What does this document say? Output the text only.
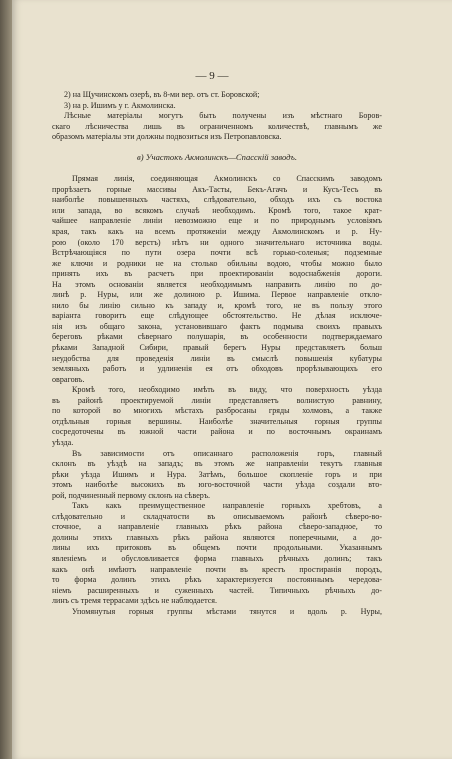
— 9 —
2) на Щучинскомъ озерѣ, въ 8-ми вер. отъ ст. Боровской;
3) на р. Ишимъ у г. Акмолинска.
Лѣсные матеріалы могутъ быть получены изъ мѣстнаго Боров-
скаго лѣсничества лишь въ ограниченномъ количествѣ, главнымъ же
образомъ матеріалы эти должны подвозиться изъ Петропавловска.
в) Участокъ Акмолинскъ—Спасскій заводъ.
Прямая линія, соединяющая Акмолинскъ со Спасскимъ заводомъ
прорѣзаетъ горные массивы Акъ-Тасты, Бекъ-Агачъ и Кусъ-Тесъ въ
наиболѣе повышенныхъ частяхъ, слѣдовательно, обходъ ихъ съ востока
или запада, во всякомъ случаѣ необходимъ. Кромѣ того, такое крат-
чайшее направленіе линіи невозможно еще и по природнымъ условіямъ
края, такъ какъ на всемъ протяженіи между Акмолинскомъ и р. Ну-
рою (около 170 верстъ) нѣтъ ни одного значительнаго источника воды.
Встрѣчающіяся по пути озера почти всѣ горько-соленыя; подземные
же ключи и родники не на столько обильны водою, чтобы можно было
принять ихъ въ расчетъ при проектированіи водоснабженія дороги.
На этомъ основаніи является необходимымъ направить линію по до-
линѣ р. Нуры, или же долиною р. Ишима. Первое направленіе откло-
нило бы линію сильно къ западу и, кромѣ того, не въ пользу этого
варіанта говоритъ еще слѣдующее обстоятельство. Не дѣлая исключе-
нія изъ общаго закона, установившаго фактъ подмыва своихъ правыхъ
береговъ рѣками сѣвернаго полушарія, въ особенности подтверждаемаго
рѣками Западной Сибири, правый берегъ Нуры представляетъ больш
неудобства для проведенія линіи въ смыслѣ повышенія кубатуры
земляныхъ работъ и удлиненія ея отъ обходовъ прорѣзывающихъ его
овраговъ.
Кромѣ того, необходимо имѣть въ виду, что поверхность уѣзда
въ районѣ проектируемой линіи представляетъ волнистую равнину,
по которой во многихъ мѣстахъ разбросаны гряды холмовъ, а также
отдѣльныя горныя вершины. Наиболѣе значительныя горныя группы
сосредоточены въ южной части района и по восточнымъ окраинамъ
уѣзда.
Въ зависимости отъ описаннаго расположенія горъ, главный
склонъ въ уѣздѣ на западъ; въ этомъ же направленіи текутъ главныя
рѣки уѣзда Ишимъ и Нура. Затѣмъ, большое скопленіе горъ и при
этомъ наиболѣе высокихъ въ юго-восточной части уѣзда создали вто-
рой, подчиненный первому склонъ на сѣверъ.
Такъ какъ преимущественное направленіе горныхъ хребтовъ, а
слѣдовательно и складчатости въ описываемомъ районѣ сѣверо-во-
сточное, а направленіе главныхъ рѣкъ района сѣверо-западное, то
долины этихъ главныхъ рѣкъ района являются поперечными, а до-
лины ихъ притоковъ въ общемъ почти продольными. Указаннымъ
явленіемъ и обусловливается форма главныхъ рѣчныхъ долинъ; такъ
какъ онѣ имѣютъ направленіе почти въ крестъ простиранія породъ,
то форма долинъ этихъ рѣкъ характеризуется постояннымъ чередова-
ніемъ расширенныхъ и суженныхъ частей. Типичныхъ рѣчныхъ до-
линъ съ тремя террасами здѣсь не наблюдается.
Упомянутыя горныя группы мѣстами тянутся и вдоль р. Нуры,
